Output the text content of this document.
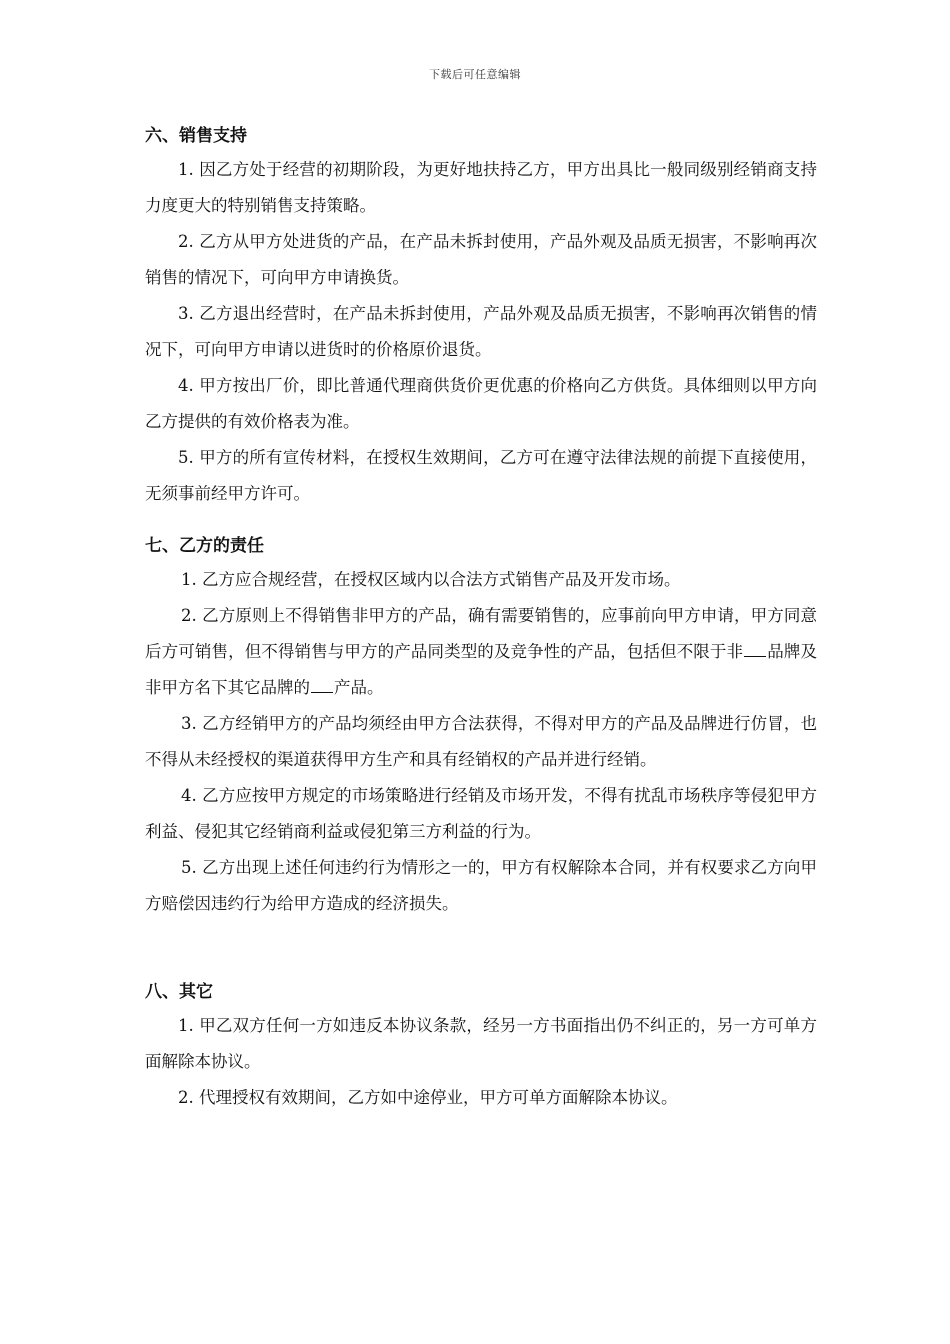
下载后可任意编辑

六、销售支持

1. 因乙方处于经营的初期阶段，为更好地扶持乙方，甲方出具比一般同级别经销商支持力度更大的特别销售支持策略。

2. 乙方从甲方处进货的产品，在产品未拆封使用，产品外观及品质无损害，不影响再次销售的情况下，可向甲方申请换货。

3. 乙方退出经营时，在产品未拆封使用，产品外观及品质无损害，不影响再次销售的情况下，可向甲方申请以进货时的价格原价退货。

4. 甲方按出厂价，即比普通代理商供货价更优惠的价格向乙方供货。具体细则以甲方向乙方提供的有效价格表为准。

5. 甲方的所有宣传材料，在授权生效期间，乙方可在遵守法律法规的前提下直接使用，无须事前经甲方许可。

七、乙方的责任

1. 乙方应合规经营，在授权区域内以合法方式销售产品及开发市场。

2. 乙方原则上不得销售非甲方的产品，确有需要销售的，应事前向甲方申请，甲方同意后方可销售，但不得销售与甲方的产品同类型的及竞争性的产品，包括但不限于非 品牌及非甲方名下其它品牌的 产品。

3. 乙方经销甲方的产品均须经由甲方合法获得，不得对甲方的产品及品牌进行仿冒，也不得从未经授权的渠道获得甲方生产和具有经销权的产品并进行经销。

4. 乙方应按甲方规定的市场策略进行经销及市场开发，不得有扰乱市场秩序等侵犯甲方利益、侵犯其它经销商利益或侵犯第三方利益的行为。

5. 乙方出现上述任何违约行为情形之一的，甲方有权解除本合同，并有权要求乙方向甲方赔偿因违约行为给甲方造成的经济损失。

八、其它

1. 甲乙双方任何一方如违反本协议条款，经另一方书面指出仍不纠正的，另一方可单方面解除本协议。

2. 代理授权有效期间，乙方如中途停业，甲方可单方面解除本协议。
